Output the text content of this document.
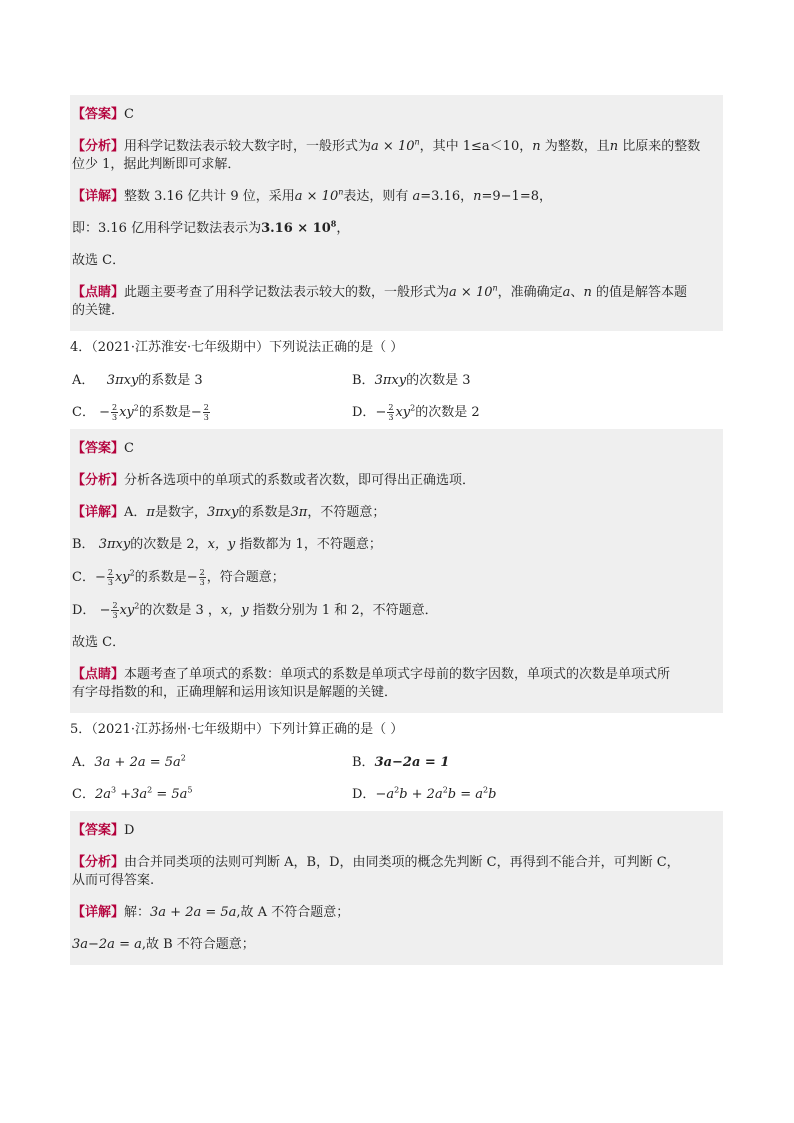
【答案】C

【分析】用科学记数法表示较大数字时，一般形式为$a \times 10^n$，其中 1≤a＜10，n 为整数，且n 比原来的整数
位少 1，据此判断即可求解．

【详解】整数 3.16 亿共计 9 位，采用$a \times 10^n$表达，则有 a=3.16，n=9−1=8，

即：3.16 亿用科学记数法表示为$3.16 \times 10^8$，

故选 C．

【点睛】此题主要考查了用科学记数法表示较大的数，一般形式为$a \times 10^n$，准确确定a、n 的值是解答本题
的关键．

4．（2021·江苏淮安·七年级期中）下列说法正确的是（ ）

A． 3πxy的系数是 3	B．3πxy的次数是 3
C． − $\frac{2}{3} xy^2$的系数是− $\frac{2}{3}$	D．− $\frac{2}{3} xy^2$的次数是 2

【答案】C

【分析】分析各选项中的单项式的系数或者次数，即可得出正确选项．

【详解】A．π是数字，3πxy的系数是3π，不符题意；

B． 3πxy的次数是 2，x，y 指数都为 1，不符题意；

C．− $\frac{2}{3} xy^2$的系数是− $\frac{2}{3}$ ，符合题意；

D． − $\frac{2}{3} xy^2$的次数是 3 ，x，y 指数分别为 1 和 2，不符题意．

故选 C．

【点睛】本题考查了单项式的系数：单项式的系数是单项式字母前的数字因数，单项式的次数是单项式所
有字母指数的和，正确理解和运用该知识是解题的关键．

5．（2021·江苏扬州·七年级期中）下列计算正确的是（ ）

A．$3a + 2a = 5a^2$	B．3a−2a = 1
C．$2a^3 +3a^2 = 5a^5$	D．$-a^2b + 2a^2b = a^2b$

【答案】D

【分析】由合并同类项的法则可判断 A，B，D，由同类项的概念先判断 C，再得到不能合并，可判断 C，
从而可得答案.

【详解】解：3a + 2a = 5a,故 A 不符合题意；

3a−2a = a,故 B 不符合题意；
